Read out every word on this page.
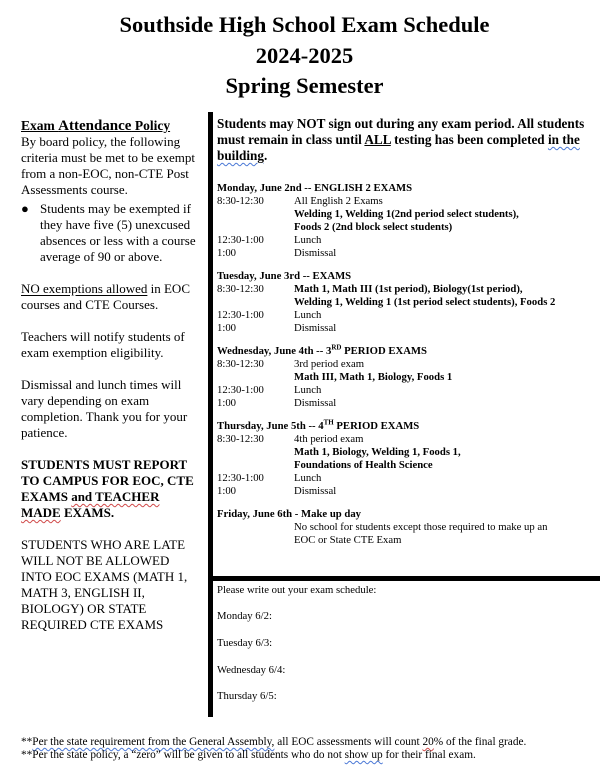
Southside High School Exam Schedule
2024-2025
Spring Semester

Exam Attendance Policy

By board policy, the following criteria must be met to be exempt from a non-EOC, non-CTE Post Assessments course.

● Students may be exempted if they have five (5) unexcused absences or less with a course average of 90 or above.

NO exemptions allowed in EOC courses and CTE Courses.

Teachers will notify students of exam exemption eligibility.

Dismissal and lunch times will vary depending on exam completion. Thank you for your patience.

STUDENTS MUST REPORT TO CAMPUS FOR EOC, CTE EXAMS and TEACHER MADE EXAMS.

STUDENTS WHO ARE LATE WILL NOT BE ALLOWED INTO EOC EXAMS (MATH 1, MATH 3, ENGLISH II, BIOLOGY) OR STATE REQUIRED CTE EXAMS

Students may NOT sign out during any exam period. All students must remain in class until ALL testing has been completed in the building.

Monday, June 2nd -- ENGLISH 2 EXAMS
8:30-12:30	All English 2 Exams
Welding 1, Welding 1(2nd period select students),
Foods 2 (2nd block select students)
12:30-1:00	Lunch
1:00	Dismissal
Tuesday, June 3rd -- EXAMS
8:30-12:30	Math 1, Math III (1st period), Biology(1st period),
Welding 1, Welding 1 (1st period select students), Foods 2
12:30-1:00	Lunch
1:00	Dismissal
Wednesday, June 4th -- 3RD PERIOD EXAMS
8:30-12:30	3rd period exam
Math III, Math 1, Biology, Foods 1
12:30-1:00	Lunch
1:00	Dismissal
Thursday, June 5th -- 4TH PERIOD EXAMS
8:30-12:30	4th period exam
Math 1, Biology, Welding 1, Foods 1,
Foundations of Health Science
12:30-1:00	Lunch
1:00	Dismissal
Friday, June 6th - Make up day
No school for students except those required to make up an
EOC or State CTE Exam
Please write out your exam schedule:
Monday 6/2:
Tuesday 6/3:
Wednesday 6/4:
Thursday 6/5:
**Per the state requirement from the General Assembly, all EOC assessments will count 20% of the final grade.
**Per the state policy, a “zero” will be given to all students who do not show up for their final exam.
